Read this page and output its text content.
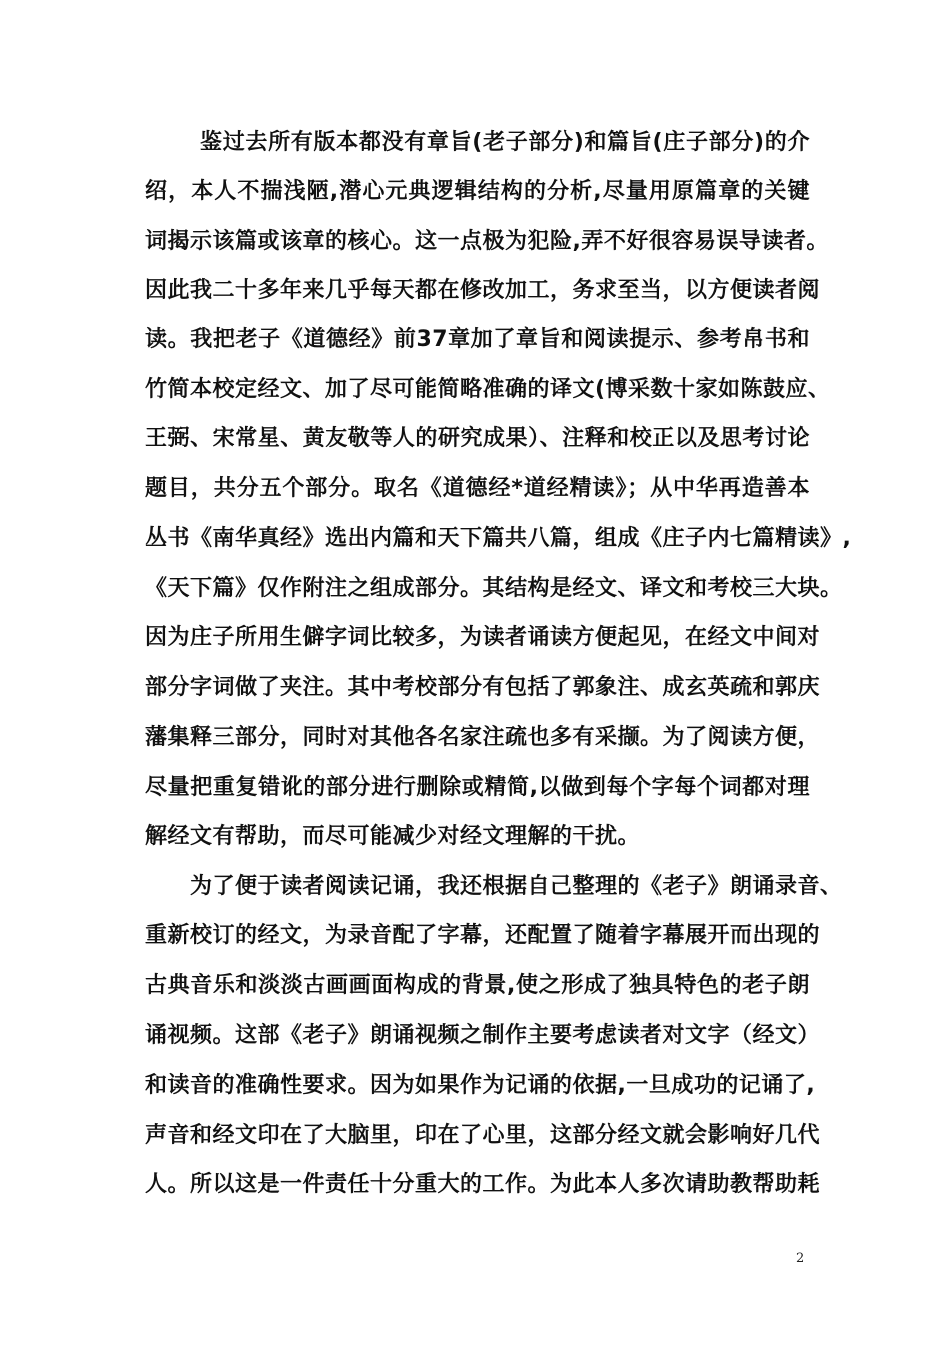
鉴过去所有版本都没有章旨(老子部分)和篇旨(庄子部分)的介
绍，本人不揣浅陋,潜心元典逻辑结构的分析,尽量用原篇章的关键
词揭示该篇或该章的核心。这一点极为犯险,弄不好很容易误导读者。
因此我二十多年来几乎每天都在修改加工，务求至当，以方便读者阅
读。我把老子《道德经》前37章加了章旨和阅读提示、参考帛书和
竹简本校定经文、加了尽可能简略准确的译文(博采数十家如陈鼓应、
王弼、宋常星、黄友敬等人的研究成果）、注释和校正以及思考讨论
题目，共分五个部分。取名《道德经*道经精读》；从中华再造善本
丛书《南华真经》选出内篇和天下篇共八篇，组成《庄子内七篇精读》,
《天下篇》仅作附注之组成部分。其结构是经文、译文和考校三大块。
因为庄子所用生僻字词比较多，为读者诵读方便起见，在经文中间对
部分字词做了夹注。其中考校部分有包括了郭象注、成玄英疏和郭庆
藩集释三部分，同时对其他各名家注疏也多有采撷。为了阅读方便，
尽量把重复错讹的部分进行删除或精简,以做到每个字每个词都对理
解经文有帮助，而尽可能减少对经文理解的干扰。
为了便于读者阅读记诵，我还根据自己整理的《老子》朗诵录音、
重新校订的经文，为录音配了字幕，还配置了随着字幕展开而出现的
古典音乐和淡淡古画画面构成的背景,使之形成了独具特色的老子朗
诵视频。这部《老子》朗诵视频之制作主要考虑读者对文字（经文）
和读音的准确性要求。因为如果作为记诵的依据,一旦成功的记诵了,
声音和经文印在了大脑里，印在了心里，这部分经文就会影响好几代
人。所以这是一件责任十分重大的工作。为此本人多次请助教帮助耗
2
